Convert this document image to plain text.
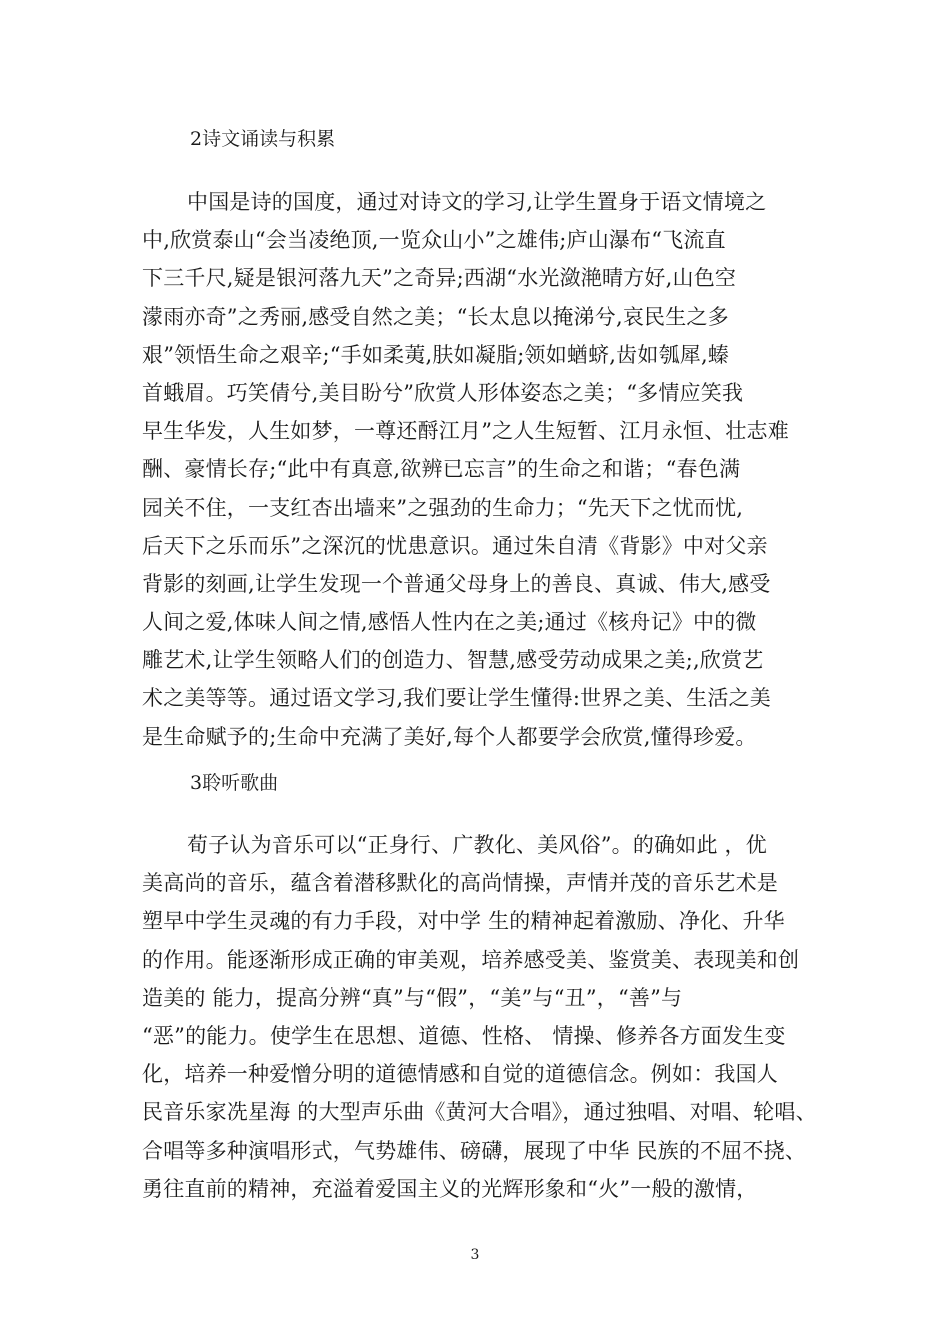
2诗文诵读与积累
中国是诗的国度，通过对诗文的学习,让学生置身于语文情境之
中,欣赏泰山“会当凌绝顶,一览众山小”之雄伟;庐山瀑布“飞流直
下三千尺,疑是银河落九天”之奇异;西湖“水光潋滟晴方好,山色空
濛雨亦奇”之秀丽,感受自然之美；“长太息以掩涕兮,哀民生之多
艰”领悟生命之艰辛;“手如柔荑,肤如凝脂;领如蝤蛴,齿如瓠犀,螓
首蛾眉。巧笑倩兮,美目盼兮”欣赏人形体姿态之美；“多情应笑我
早生华发，人生如梦，一尊还酹江月”之人生短暂、江月永恒、壮志难
酬、豪情长存;“此中有真意,欲辨已忘言”的生命之和谐；“春色满
园关不住，一支红杏出墙来”之强劲的生命力；“先天下之忧而忧,
后天下之乐而乐”之深沉的忧患意识。通过朱自清《背影》中对父亲
背影的刻画,让学生发现一个普通父母身上的善良、真诚、伟大,感受
人间之爱,体味人间之情,感悟人性内在之美;通过《核舟记》中的微
雕艺术,让学生领略人们的创造力、智慧,感受劳动成果之美;,欣赏艺
术之美等等。通过语文学习,我们要让学生懂得:世界之美、生活之美
是生命赋予的;生命中充满了美好,每个人都要学会欣赏,懂得珍爱。
3聆听歌曲
荀子认为音乐可以“正身行、广教化、美风俗”。的确如此 ，优
美高尚的音乐，蕴含着潜移默化的高尚情操，声情并茂的音乐艺术是
塑早中学生灵魂的有力手段，对中学 生的精神起着激励、净化、升华
的作用。能逐渐形成正确的审美观，培养感受美、鉴赏美、表现美和创
造美的 能力，提高分辨“真”与“假”，“美”与“丑”，“善”与
“恶”的能力。使学生在思想、道德、性格、 情操、修养各方面发生变
化，培养一种爱憎分明的道德情感和自觉的道德信念。例如：我国人
民音乐家冼星海 的大型声乐曲《黄河大合唱》，通过独唱、对唱、轮唱、
合唱等多种演唱形式，气势雄伟、磅礴，展现了中华 民族的不屈不挠、
勇往直前的精神，充溢着爱国主义的光辉形象和“火”一般的激情，
3
